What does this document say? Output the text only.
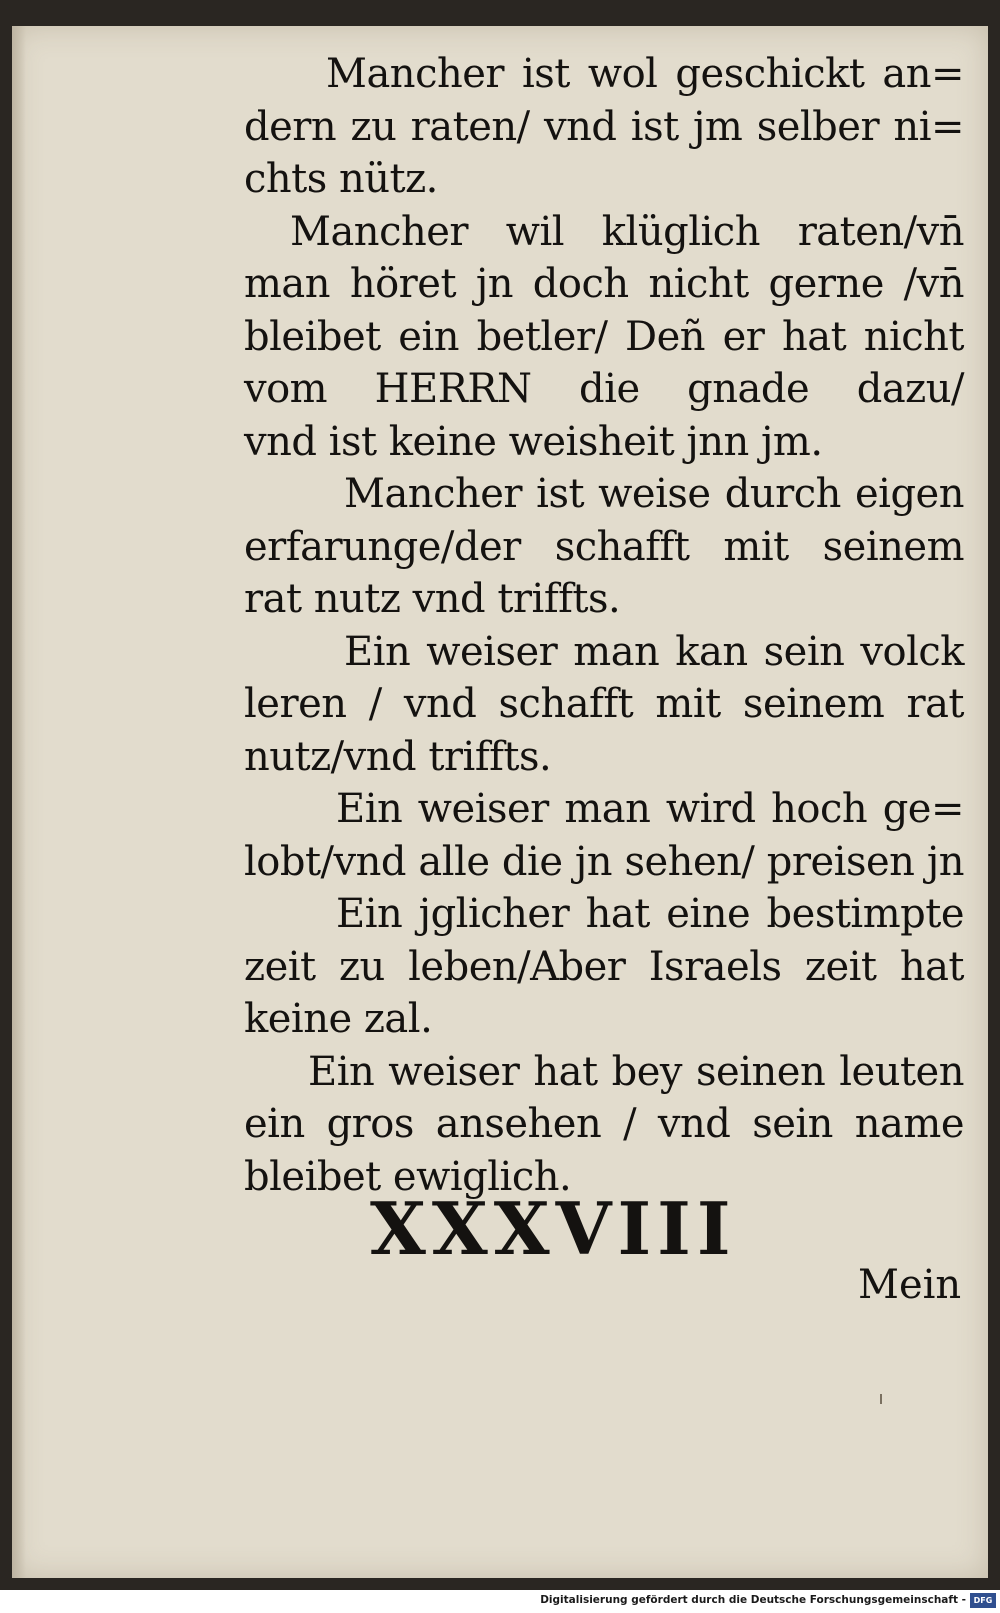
Mancher ist wol geschickt an=
dern zu raten/ vnd ist jm selber ni=
chts nütz.
Mancher wil klüglich raten/vn̄
man höret jn doch nicht gerne /vn̄
bleibet ein betler/ Deñ er hat nicht
vom HERRN die gnade dazu/
vnd ist keine weisheit jnn jm.
Mancher ist weise durch eigen
erfarunge/der schafft mit seinem
rat nutz vnd triffts.
Ein weiser man kan sein volck
leren / vnd schafft mit seinem rat
nutz/vnd triffts.
Ein weiser man wird hoch ge=
lobt/vnd alle die jn sehen/ preisen jn
Ein jglicher hat eine bestimpte
zeit zu leben/Aber Israels zeit hat
keine zal.
Ein weiser hat bey seinen leuten
ein gros ansehen / vnd sein name
bleibet ewiglich.
XXXVIII
Mein
Digitalisierung gefördert durch die Deutsche Forschungsgemeinschaft - DFG
